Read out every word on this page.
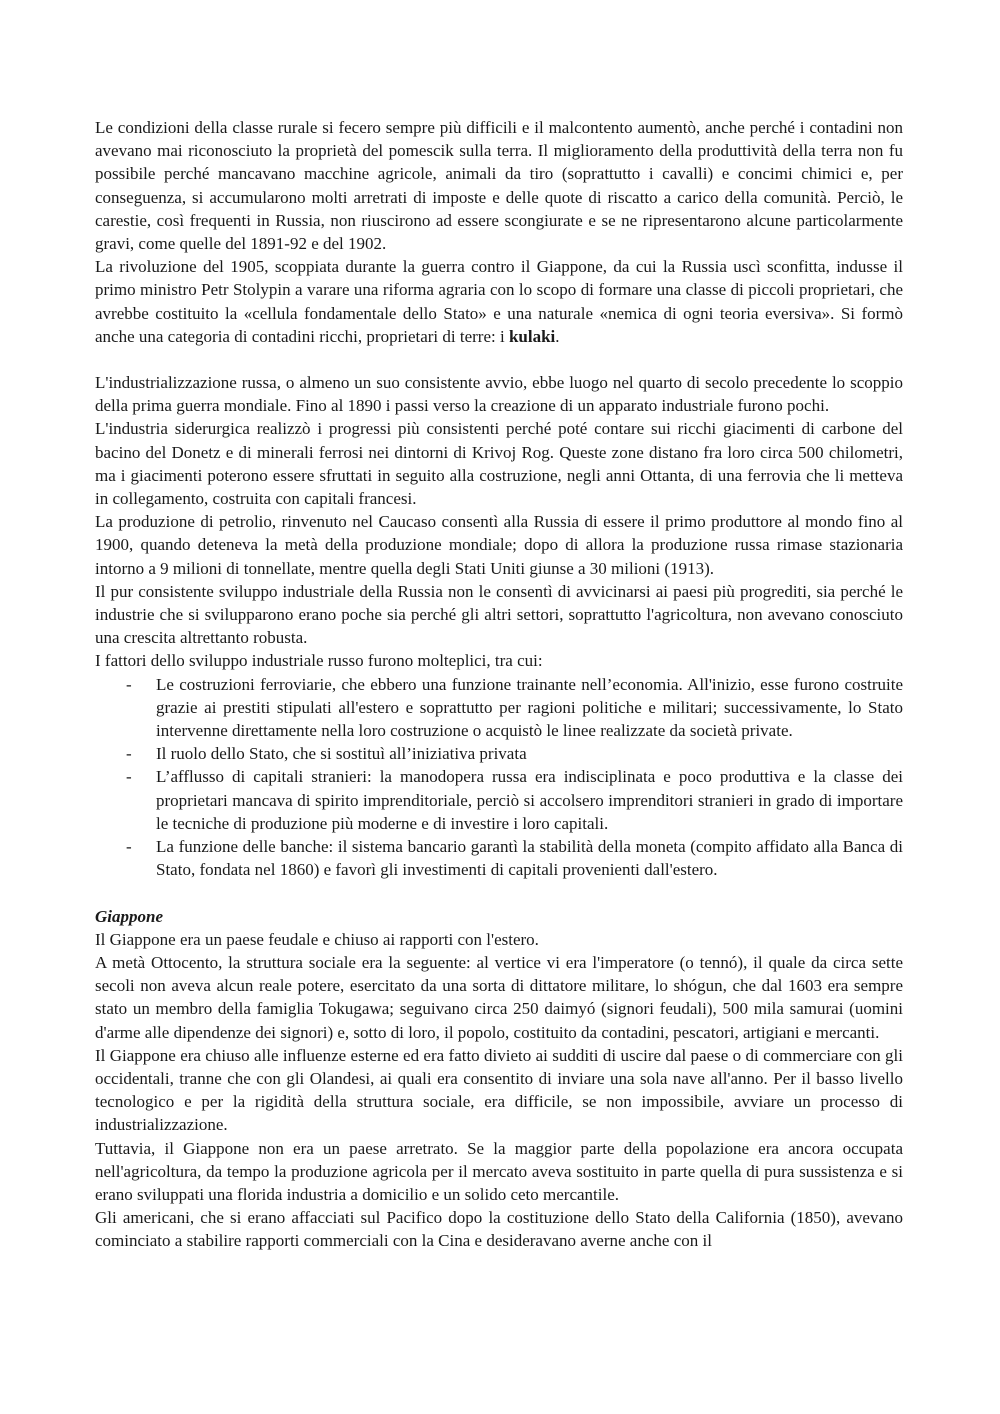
Le condizioni della classe rurale si fecero sempre più difficili e il malcontento aumentò, anche perché i contadini non avevano mai riconosciuto la proprietà del pomescik sulla terra. Il miglioramento della produttività della terra non fu possibile perché mancavano macchine agricole, animali da tiro (soprattutto i cavalli) e concimi chimici e, per conseguenza, si accumularono molti arretrati di imposte e delle quote di riscatto a carico della comunità. Perciò, le carestie, così frequenti in Russia, non riuscirono ad essere scongiurate e se ne ripresentarono alcune particolarmente gravi, come quelle del 1891-92 e del 1902.

La rivoluzione del 1905, scoppiata durante la guerra contro il Giappone, da cui la Russia uscì sconfitta, indusse il primo ministro Petr Stolypin a varare una riforma agraria con lo scopo di formare una classe di piccoli proprietari, che avrebbe costituito la «cellula fondamentale dello Stato» e una naturale «nemica di ogni teoria eversiva». Si formò anche una categoria di contadini ricchi, proprietari di terre: i kulaki.

L'industrializzazione russa, o almeno un suo consistente avvio, ebbe luogo nel quarto di secolo precedente lo scoppio della prima guerra mondiale. Fino al 1890 i passi verso la creazione di un apparato industriale furono pochi.

L'industria siderurgica realizzò i progressi più consistenti perché poté contare sui ricchi giacimenti di carbone del bacino del Donetz e di minerali ferrosi nei dintorni di Krivoj Rog. Queste zone distano fra loro circa 500 chilometri, ma i giacimenti poterono essere sfruttati in seguito alla costruzione, negli anni Ottanta, di una ferrovia che li metteva in collegamento, costruita con capitali francesi.

La produzione di petrolio, rinvenuto nel Caucaso consentì alla Russia di essere il primo produttore al mondo fino al 1900, quando deteneva la metà della produzione mondiale; dopo di allora la produzione russa rimase stazionaria intorno a 9 milioni di tonnellate, mentre quella degli Stati Uniti giunse a 30 milioni (1913).

Il pur consistente sviluppo industriale della Russia non le consentì di avvicinarsi ai paesi più progrediti, sia perché le industrie che si svilupparono erano poche sia perché gli altri settori, soprattutto l'agricoltura, non avevano conosciuto una crescita altrettanto robusta.

I fattori dello sviluppo industriale russo furono molteplici, tra cui:

- Le costruzioni ferroviarie, che ebbero una funzione trainante nell’economia. All'inizio, esse furono costruite grazie ai prestiti stipulati all'estero e soprattutto per ragioni politiche e militari; successivamente, lo Stato intervenne direttamente nella loro costruzione o acquistò le linee realizzate da società private.
- Il ruolo dello Stato, che si sostituì all’iniziativa privata
- L’afflusso di capitali stranieri: la manodopera russa era indisciplinata e poco produttiva e la classe dei proprietari mancava di spirito imprenditoriale, perciò si accolsero imprenditori stranieri in grado di importare le tecniche di produzione più moderne e di investire i loro capitali.
- La funzione delle banche: il sistema bancario garantì la stabilità della moneta (compito affidato alla Banca di Stato, fondata nel 1860) e favorì gli investimenti di capitali provenienti dall'estero.

Giappone

Il Giappone era un paese feudale e chiuso ai rapporti con l'estero.

A metà Ottocento, la struttura sociale era la seguente: al vertice vi era l'imperatore (o tennó), il quale da circa sette secoli non aveva alcun reale potere, esercitato da una sorta di dittatore militare, lo shógun, che dal 1603 era sempre stato un membro della famiglia Tokugawa; seguivano circa 250 daimyó (signori feudali), 500 mila samurai (uomini d'arme alle dipendenze dei signori) e, sotto di loro, il popolo, costituito da contadini, pescatori, artigiani e mercanti.

Il Giappone era chiuso alle influenze esterne ed era fatto divieto ai sudditi di uscire dal paese o di commerciare con gli occidentali, tranne che con gli Olandesi, ai quali era consentito di inviare una sola nave all'anno. Per il basso livello tecnologico e per la rigidità della struttura sociale, era difficile, se non impossibile, avviare un processo di industrializzazione.

Tuttavia, il Giappone non era un paese arretrato. Se la maggior parte della popolazione era ancora occupata nell'agricoltura, da tempo la produzione agricola per il mercato aveva sostituito in parte quella di pura sussistenza e si erano sviluppati una florida industria a domicilio e un solido ceto mercantile.

Gli americani, che si erano affacciati sul Pacifico dopo la costituzione dello Stato della California (1850), avevano cominciato a stabilire rapporti commerciali con la Cina e desideravano averne anche con il
